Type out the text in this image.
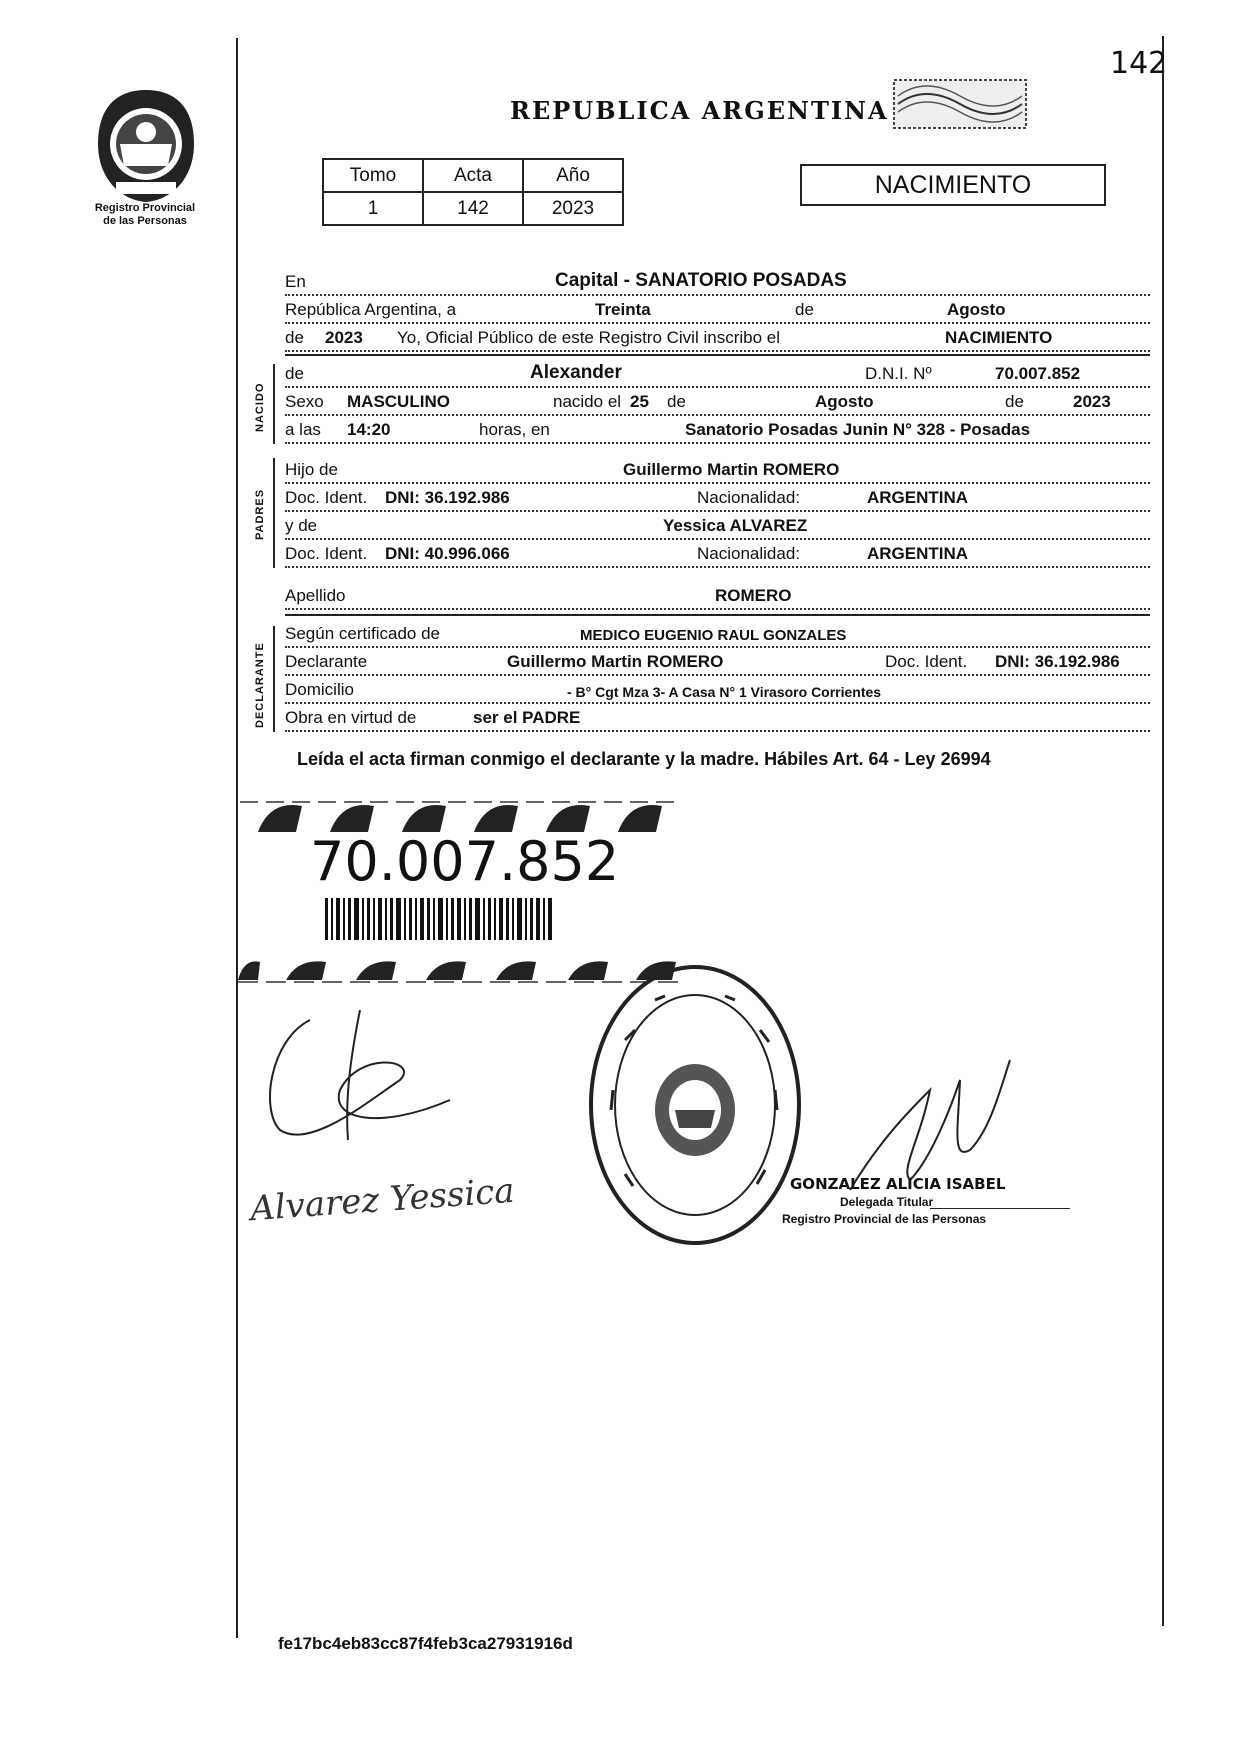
142
Registro Provincial
de las Personas
REPUBLICA ARGENTINA
Tomo	Acta	Año
1	142	2023
NACIMIENTO
En	Capital - SANATORIO POSADAS
República Argentina, a	Treinta	de	Agosto
de 2023 Yo, Oficial Público de este Registro Civil inscribo el	NACIMIENTO
de	Alexander	D.N.I. Nº	70.007.852
Sexo MASCULINO	nacido el 25 de	Agosto	de	2023
a las 14:20	horas, en	Sanatorio Posadas Junin N° 328 - Posadas
NACIDO
Hijo de	Guillermo Martin ROMERO
Doc. Ident. DNI: 36.192.986	Nacionalidad:	ARGENTINA
y de	Yessica ALVAREZ
Doc. Ident. DNI: 40.996.066	Nacionalidad:	ARGENTINA
PADRES
Apellido	ROMERO
Según certificado de	MEDICO EUGENIO RAUL GONZALES
Declarante	Guillermo Martin ROMERO	Doc. Ident. DNI: 36.192.986
Domicilio	- B° Cgt Mza 3- A Casa N° 1 Virasoro Corrientes
Obra en virtud de	ser el PADRE
DECLARANTE
Leída el acta firman conmigo el declarante y la madre. Hábiles Art. 64 - Ley 26994
70.007.852
Alvarez Yessica	GONZALEZ ALICIA ISABEL
Delegada Titular
Registro Provincial de las Personas
fe17bc4eb83cc87f4feb3ca27931916d
